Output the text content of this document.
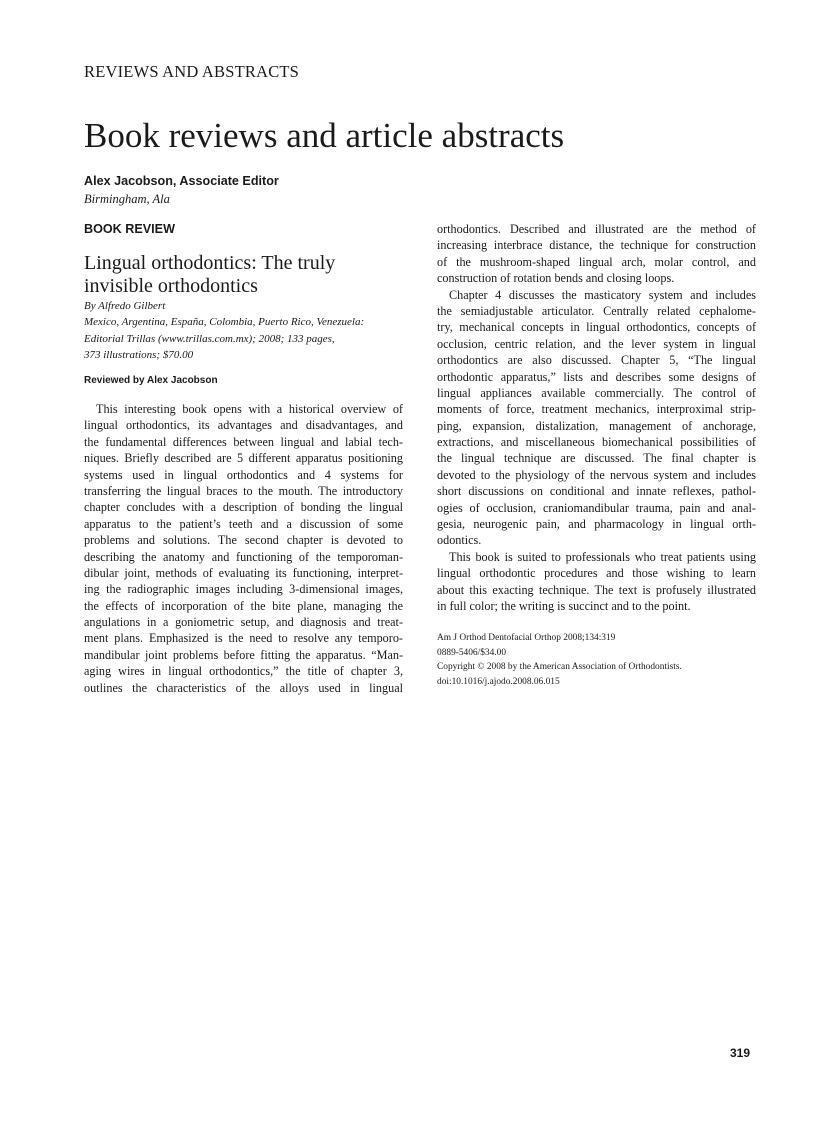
REVIEWS AND ABSTRACTS
Book reviews and article abstracts
Alex Jacobson, Associate Editor
Birmingham, Ala
BOOK REVIEW
Lingual orthodontics: The truly invisible orthodontics
By Alfredo Gilbert
Mexico, Argentina, España, Colombia, Puerto Rico, Venezuela:
Editorial Trillas (www.trillas.com.mx); 2008; 133 pages,
373 illustrations; $70.00
Reviewed by Alex Jacobson
This interesting book opens with a historical overview of
lingual orthodontics, its advantages and disadvantages, and
the fundamental differences between lingual and labial tech-
niques. Briefly described are 5 different apparatus positioning
systems used in lingual orthodontics and 4 systems for
transferring the lingual braces to the mouth. The introductory
chapter concludes with a description of bonding the lingual
apparatus to the patient’s teeth and a discussion of some
problems and solutions. The second chapter is devoted to
describing the anatomy and functioning of the temporoman-
dibular joint, methods of evaluating its functioning, interpret-
ing the radiographic images including 3-dimensional images,
the effects of incorporation of the bite plane, managing the
angulations in a goniometric setup, and diagnosis and treat-
ment plans. Emphasized is the need to resolve any temporo-
mandibular joint problems before fitting the apparatus. “Man-
aging wires in lingual orthodontics,” the title of chapter 3,
outlines the characteristics of the alloys used in lingual
orthodontics. Described and illustrated are the method of
increasing interbrace distance, the technique for construction
of the mushroom-shaped lingual arch, molar control, and
construction of rotation bends and closing loops.
Chapter 4 discusses the masticatory system and includes
the semiadjustable articulator. Centrally related cephalome-
try, mechanical concepts in lingual orthodontics, concepts of
occlusion, centric relation, and the lever system in lingual
orthodontics are also discussed. Chapter 5, “The lingual
orthodontic apparatus,” lists and describes some designs of
lingual appliances available commercially. The control of
moments of force, treatment mechanics, interproximal strip-
ping, expansion, distalization, management of anchorage,
extractions, and miscellaneous biomechanical possibilities of
the lingual technique are discussed. The final chapter is
devoted to the physiology of the nervous system and includes
short discussions on conditional and innate reflexes, pathol-
ogies of occlusion, craniomandibular trauma, pain and anal-
gesia, neurogenic pain, and pharmacology in lingual orth-
odontics.
This book is suited to professionals who treat patients using
lingual orthodontic procedures and those wishing to learn
about this exacting technique. The text is profusely illustrated
in full color; the writing is succinct and to the point.
Am J Orthod Dentofacial Orthop 2008;134:319
0889-5406/$34.00
Copyright © 2008 by the American Association of Orthodontists.
doi:10.1016/j.ajodo.2008.06.015
319
